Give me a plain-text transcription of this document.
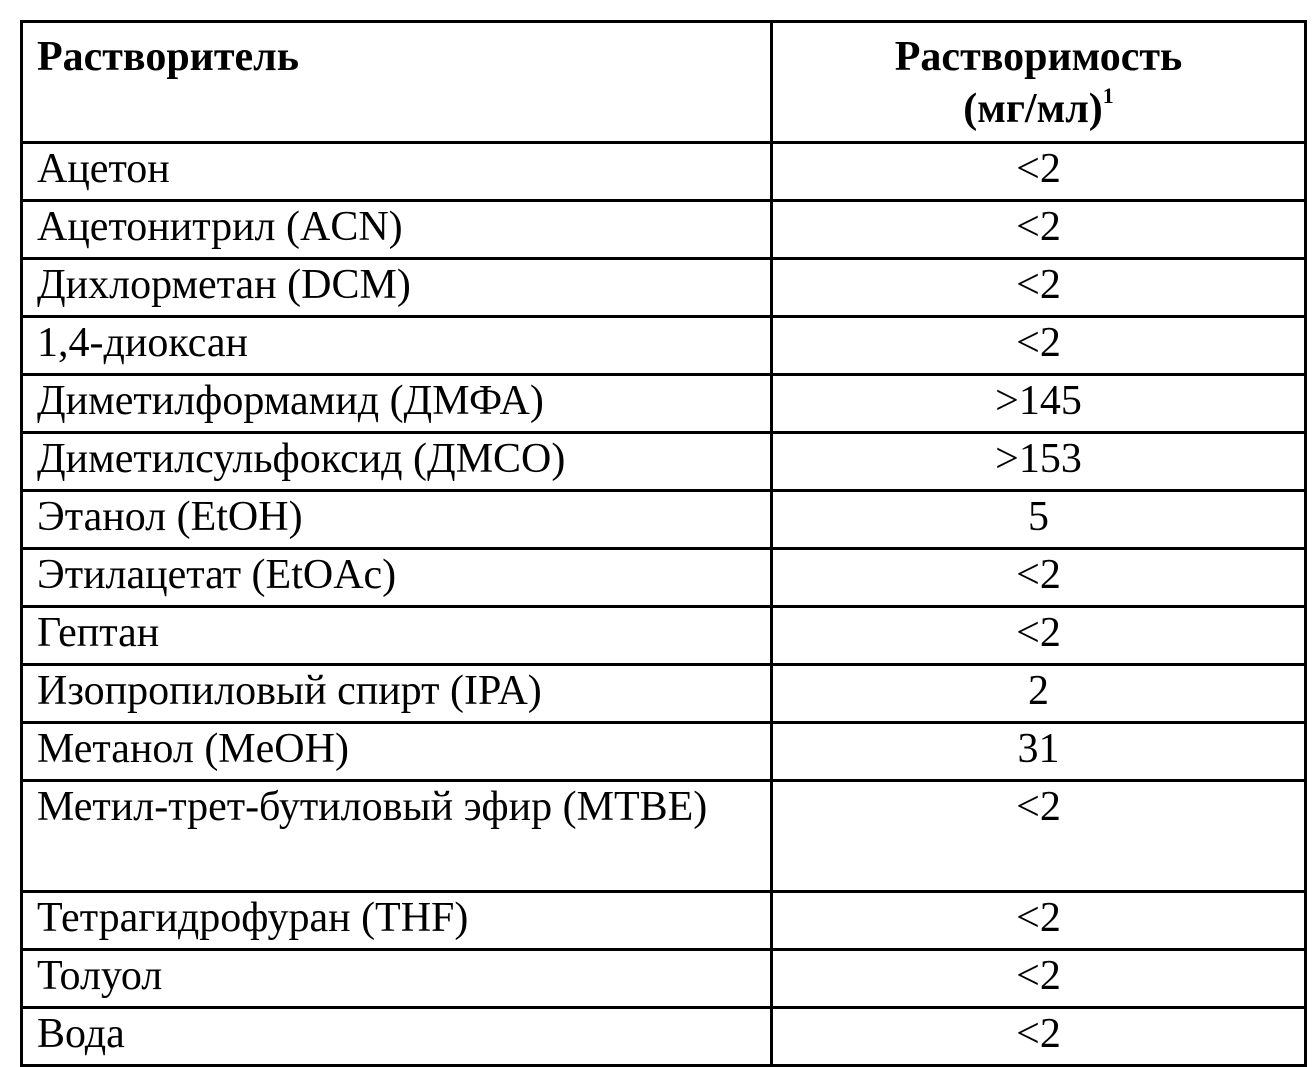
Растворитель	Растворимость
(мг/мл)$^1$

Ацетон	<2
Ацетонитрил (ACN)	<2
Дихлорметан (DCM)	<2
1,4-диоксан	<2
Диметилформамид (ДМФА)	>145
Диметилсульфоксид (ДМСО)	>153
Этанол (EtOH)	5
Этилацетат (EtOAc)	<2
Гептан	<2
Изопропиловый спирт (IPA)	2
Метанол (MeOH)	31
Метил-трет-бутиловый эфир (MTBE)	<2
Тетрагидрофуран (THF)	<2
Толуол	<2
Вода	<2
